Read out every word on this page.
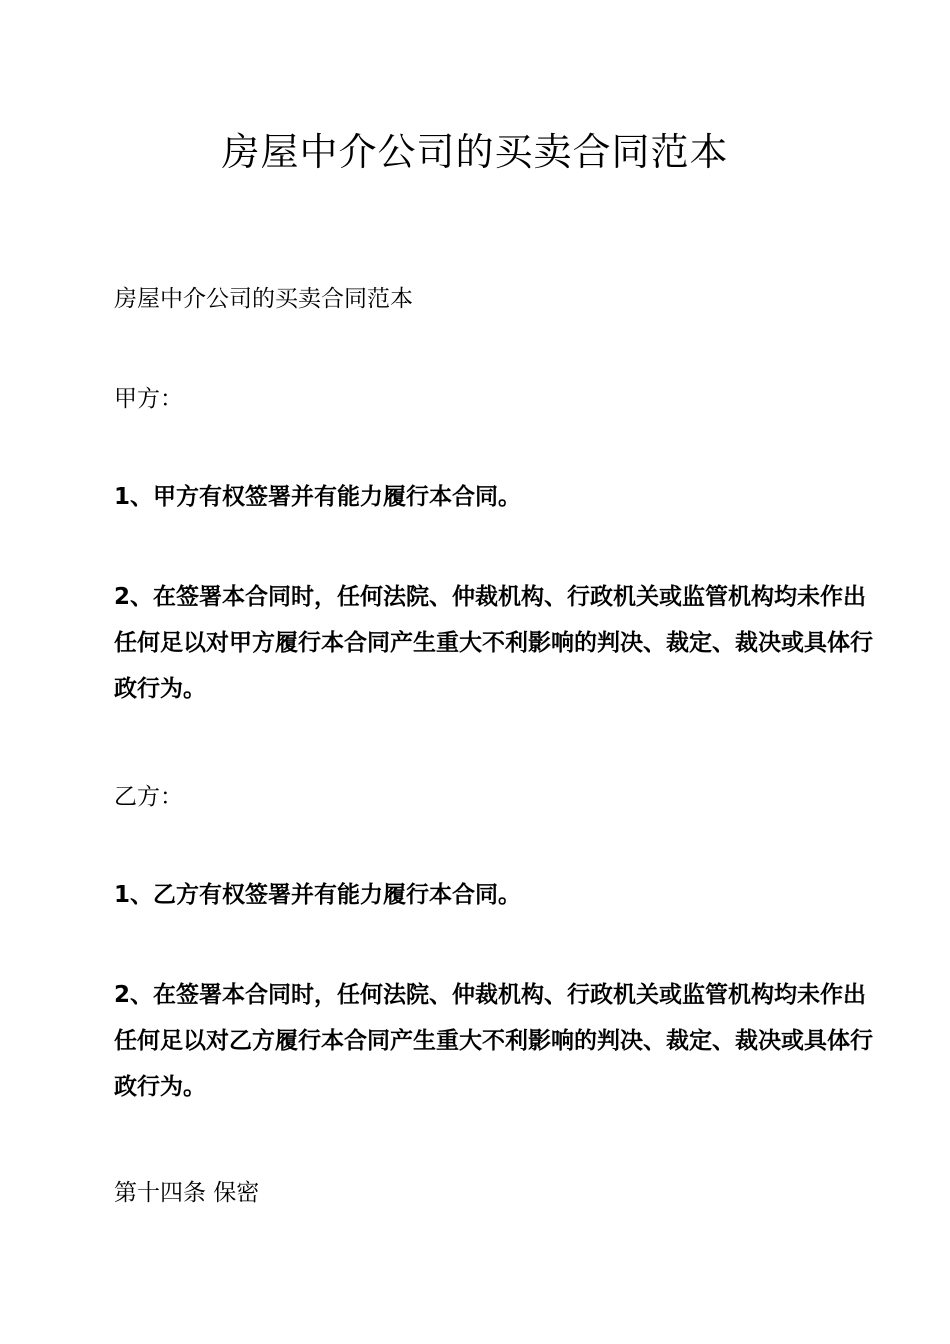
房屋中介公司的买卖合同范本

房屋中介公司的买卖合同范本

甲方：

1、甲方有权签署并有能力履行本合同。

2、在签署本合同时，任何法院、仲裁机构、行政机关或监管机构均未作出任何足以对甲方履行本合同产生重大不利影响的判决、裁定、裁决或具体行政行为。

乙方：

1、乙方有权签署并有能力履行本合同。

2、在签署本合同时，任何法院、仲裁机构、行政机关或监管机构均未作出任何足以对乙方履行本合同产生重大不利影响的判决、裁定、裁决或具体行政行为。

第十四条 保密
